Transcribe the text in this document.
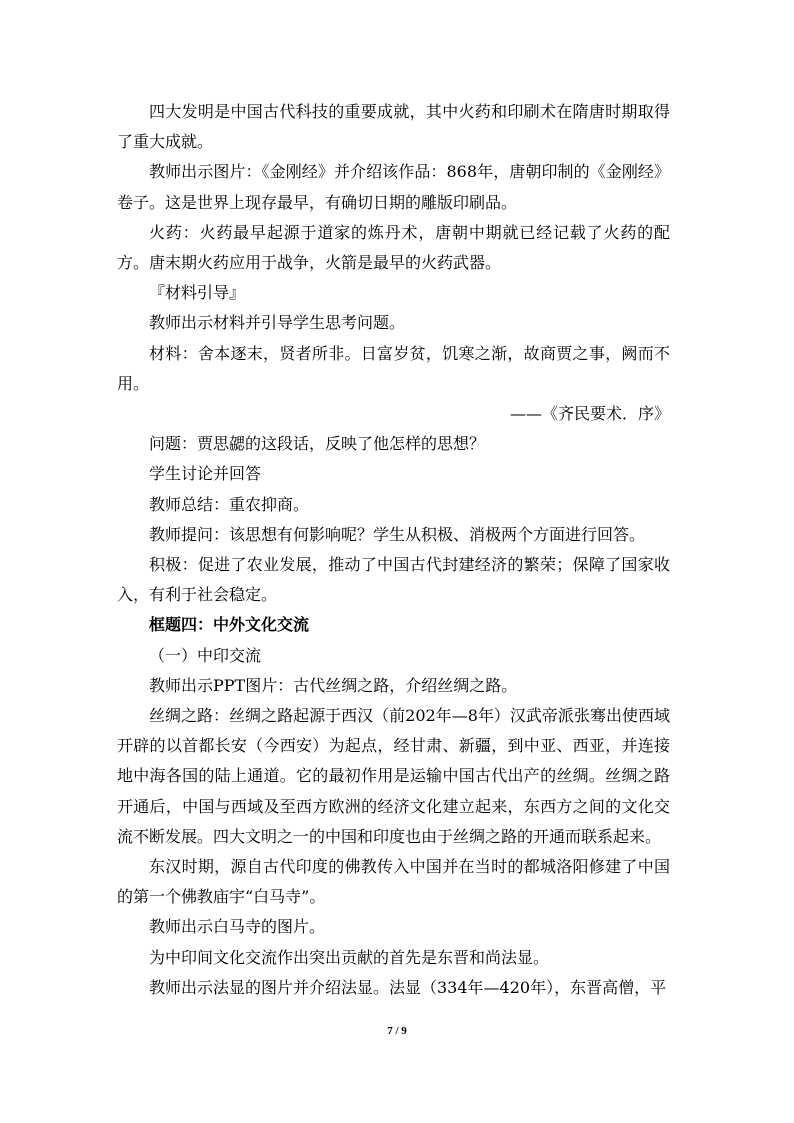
四大发明是中国古代科技的重要成就，其中火药和印刷术在隋唐时期取得了重大成就。

教师出示图片：《金刚经》并介绍该作品：868年，唐朝印制的《金刚经》卷子。这是世界上现存最早，有确切日期的雕版印刷品。

火药：火药最早起源于道家的炼丹术，唐朝中期就已经记载了火药的配方。唐末期火药应用于战争，火箭是最早的火药武器。

『材料引导』

教师出示材料并引导学生思考问题。

材料：舍本逐末，贤者所非。日富岁贫，饥寒之渐，故商贾之事，阙而不用。

——《齐民要术．序》

问题：贾思勰的这段话，反映了他怎样的思想？

学生讨论并回答

教师总结：重农抑商。

教师提问：该思想有何影响呢？学生从积极、消极两个方面进行回答。

积极：促进了农业发展，推动了中国古代封建经济的繁荣；保障了国家收入，有利于社会稳定。

框题四：中外文化交流

（一）中印交流

教师出示PPT图片：古代丝绸之路，介绍丝绸之路。

丝绸之路：丝绸之路起源于西汉（前202年—8年）汉武帝派张骞出使西域开辟的以首都长安（今西安）为起点，经甘肃、新疆，到中亚、西亚，并连接地中海各国的陆上通道。它的最初作用是运输中国古代出产的丝绸。丝绸之路开通后，中国与西域及至西方欧洲的经济文化建立起来，东西方之间的文化交流不断发展。四大文明之一的中国和印度也由于丝绸之路的开通而联系起来。

东汉时期，源自古代印度的佛教传入中国并在当时的都城洛阳修建了中国的第一个佛教庙宇“白马寺”。

教师出示白马寺的图片。

为中印间文化交流作出突出贡献的首先是东晋和尚法显。

教师出示法显的图片并介绍法显。法显（334年—420年），东晋高僧，平

7 / 9
